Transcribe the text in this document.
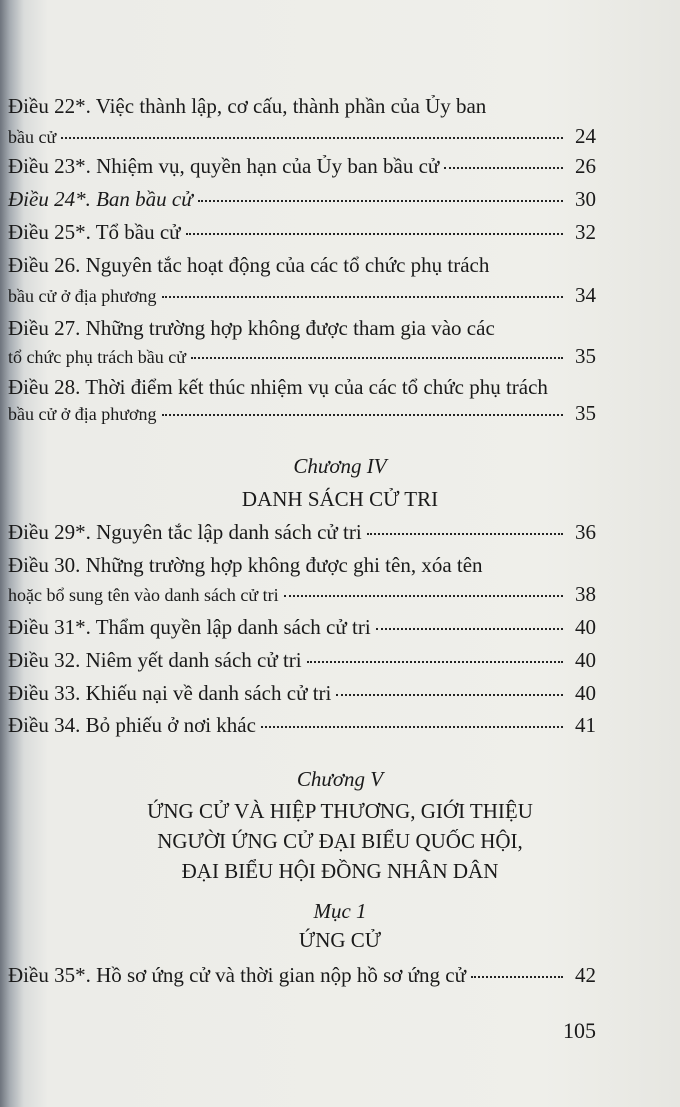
Điều 22*. Việc thành lập, cơ cấu, thành phần của Ủy ban
bầu cử	24
Điều 23*. Nhiệm vụ, quyền hạn của Ủy ban bầu cử	26
Điều 24*. Ban bầu cử	30
Điều 25*. Tổ bầu cử	32
Điều 26. Nguyên tắc hoạt động của các tổ chức phụ trách
bầu cử ở địa phương	34
Điều 27. Những trường hợp không được tham gia vào các
tổ chức phụ trách bầu cử	35
Điều 28. Thời điểm kết thúc nhiệm vụ của các tổ chức phụ trách
bầu cử ở địa phương	35
Chương IV
DANH SÁCH CỬ TRI
Điều 29*. Nguyên tắc lập danh sách cử tri	36
Điều 30. Những trường hợp không được ghi tên, xóa tên
hoặc bổ sung tên vào danh sách cử tri	38
Điều 31*. Thẩm quyền lập danh sách cử tri	40
Điều 32. Niêm yết danh sách cử tri	40
Điều 33. Khiếu nại về danh sách cử tri	40
Điều 34. Bỏ phiếu ở nơi khác	41
Chương V
ỨNG CỬ VÀ HIỆP THƯƠNG, GIỚI THIỆU
NGƯỜI ỨNG CỬ ĐẠI BIỂU QUỐC HỘI,
ĐẠI BIỂU HỘI ĐỒNG NHÂN DÂN
Mục 1
ỨNG CỬ
Điều 35*. Hồ sơ ứng cử và thời gian nộp hồ sơ ứng cử	42
105
